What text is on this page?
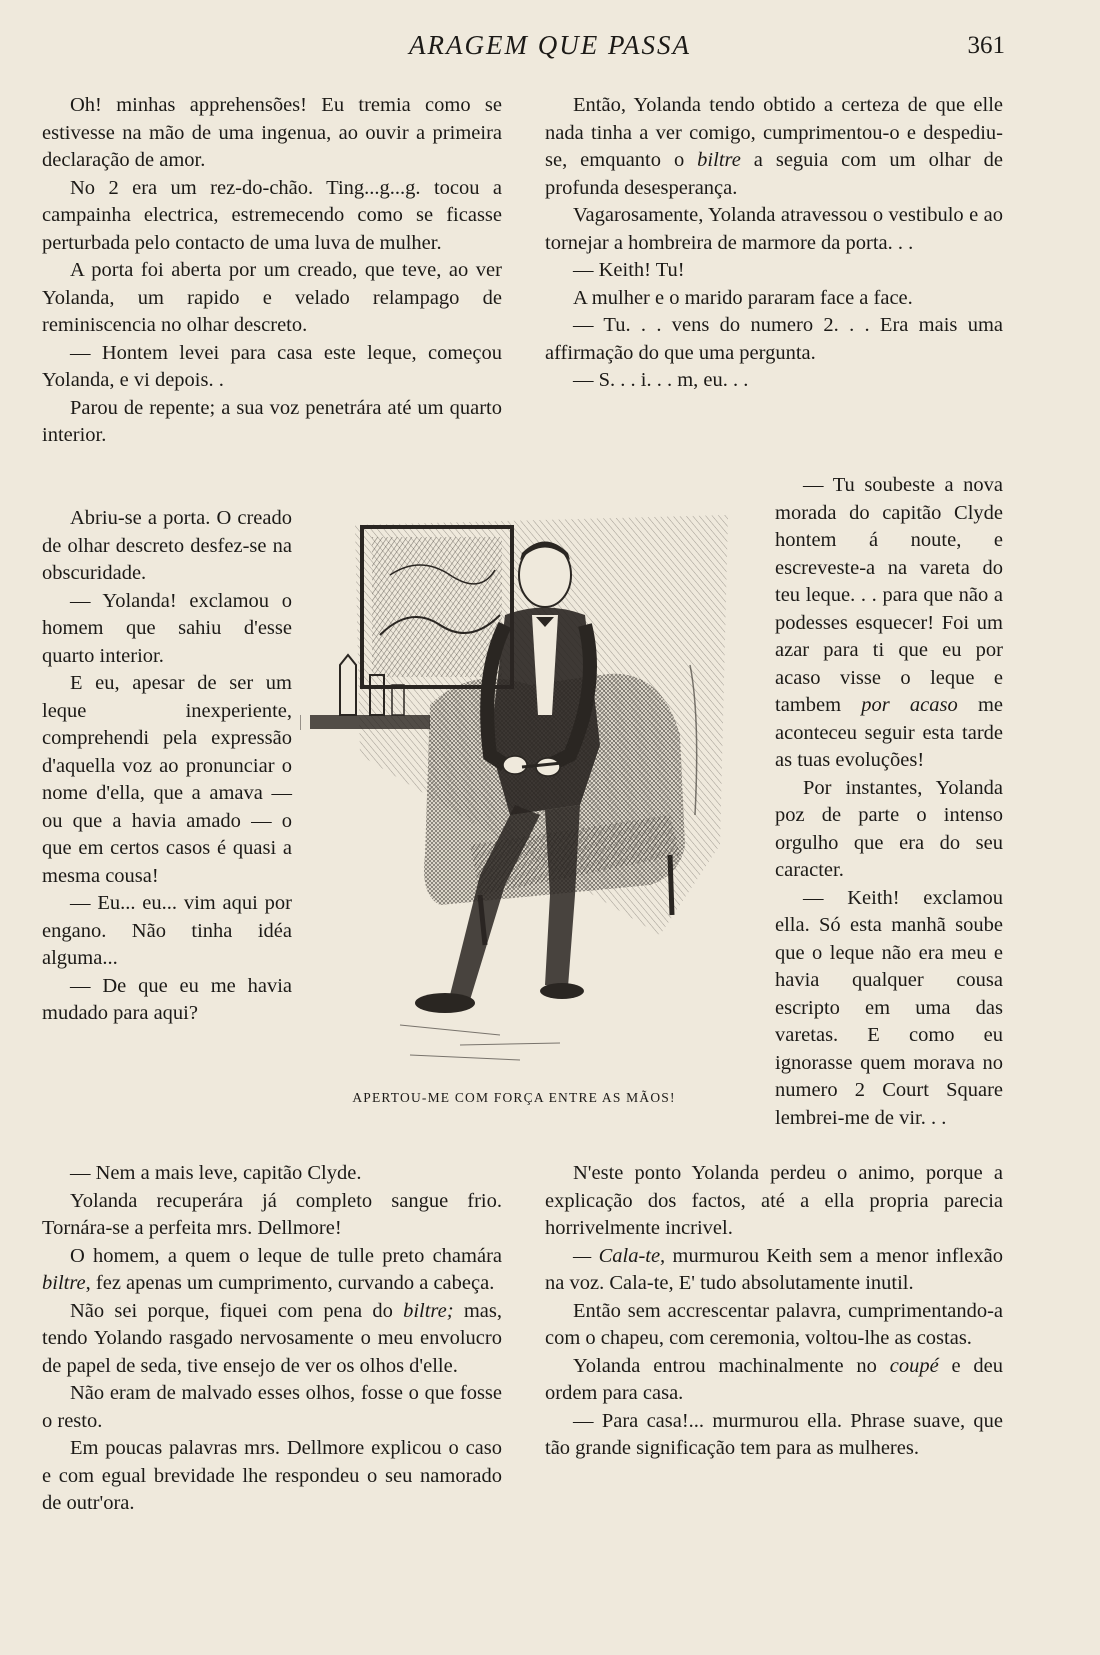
ARAGEM QUE PASSA	361

Oh! minhas apprehensões! Eu tremia como se estivesse na mão de uma ingenua, ao ouvir a primeira declaração de amor.

No 2 era um rez-do-chão. Ting...g...g. tocou a campainha electrica, estremecendo como se ficasse perturbada pelo contacto de uma luva de mulher.

A porta foi aberta por um creado, que teve, ao ver Yolanda, um rapido e velado relampago de reminiscencia no olhar descreto.

— Hontem levei para casa este leque, começou Yolanda, e vi depois. .

Parou de repente; a sua voz penetrára até um quarto interior.

Abriu-se a porta. O creado de olhar descreto desfez-se na obscuridade.

— Yolanda! exclamou o homem que sahiu d'esse quarto interior.

E eu, apesar de ser um leque inexperiente, comprehendi pela expressão d'aquella voz ao pronunciar o nome d'ella, que a amava — ou que a havia amado — o que em certos casos é quasi a mesma cousa!

— Eu... eu... vim aqui por engano. Não tinha idéa alguma...

— De que eu me havia mudado para aqui?

— Nem a mais leve, capitão Clyde.

Yolanda recuperára já completo sangue frio. Tornára-se a perfeita mrs. Dellmore!

O homem, a quem o leque de tulle preto chamára biltre, fez apenas um cumprimento, curvando a cabeça.

Não sei porque, fiquei com pena do biltre; mas, tendo Yolando rasgado nervosamente o meu envolucro de papel de seda, tive ensejo de ver os olhos d'elle.

Não eram de malvado esses olhos, fosse o que fosse o resto.

Em poucas palavras mrs. Dellmore explicou o caso e com egual brevidade lhe respondeu o seu namorado de outr'ora.

Então, Yolanda tendo obtido a certeza de que elle nada tinha a ver comigo, cumprimentou-o e despediu-se, emquanto o biltre a seguia com um olhar de profunda desesperança.

Vagarosamente, Yolanda atravessou o vestibulo e ao tornejar a hombreira de marmore da porta. . .

— Keith! Tu!

A mulher e o marido pararam face a face.

— Tu. . . vens do numero 2. . . Era mais uma affirmação do que uma pergunta.

— S. . . i. . . m, eu. . .

— Tu soubeste a nova morada do capitão Clyde hontem á noute, e escreveste-a na vareta do teu leque. . . para que não a podesses esquecer! Foi um azar para ti que eu por acaso visse o leque e tambem por acaso me aconteceu seguir esta tarde as tuas evoluções!

Por instantes, Yolanda poz de parte o intenso orgulho que era do seu caracter.

— Keith! exclamou ella. Só esta manhã soube que o leque não era meu e havia qualquer cousa escripto em uma das varetas. E como eu ignorasse quem morava no numero 2 Court Square lembrei-me de vir. . .

N'este ponto Yolanda perdeu o animo, porque a explicação dos factos, até a ella propria parecia horrivelmente incrivel.

— Cala-te, murmurou Keith sem a menor inflexão na voz. Cala-te, E' tudo absolutamente inutil.

Então sem accrescentar palavra, cumprimentando-a com o chapeu, com ceremonia, voltou-lhe as costas.

Yolanda entrou machinalmente no coupé e deu ordem para casa.

— Para casa!... murmurou ella. Phrase suave, que tão grande significação tem para as mulheres.

APERTOU-ME COM FORÇA ENTRE AS MÃOS!
